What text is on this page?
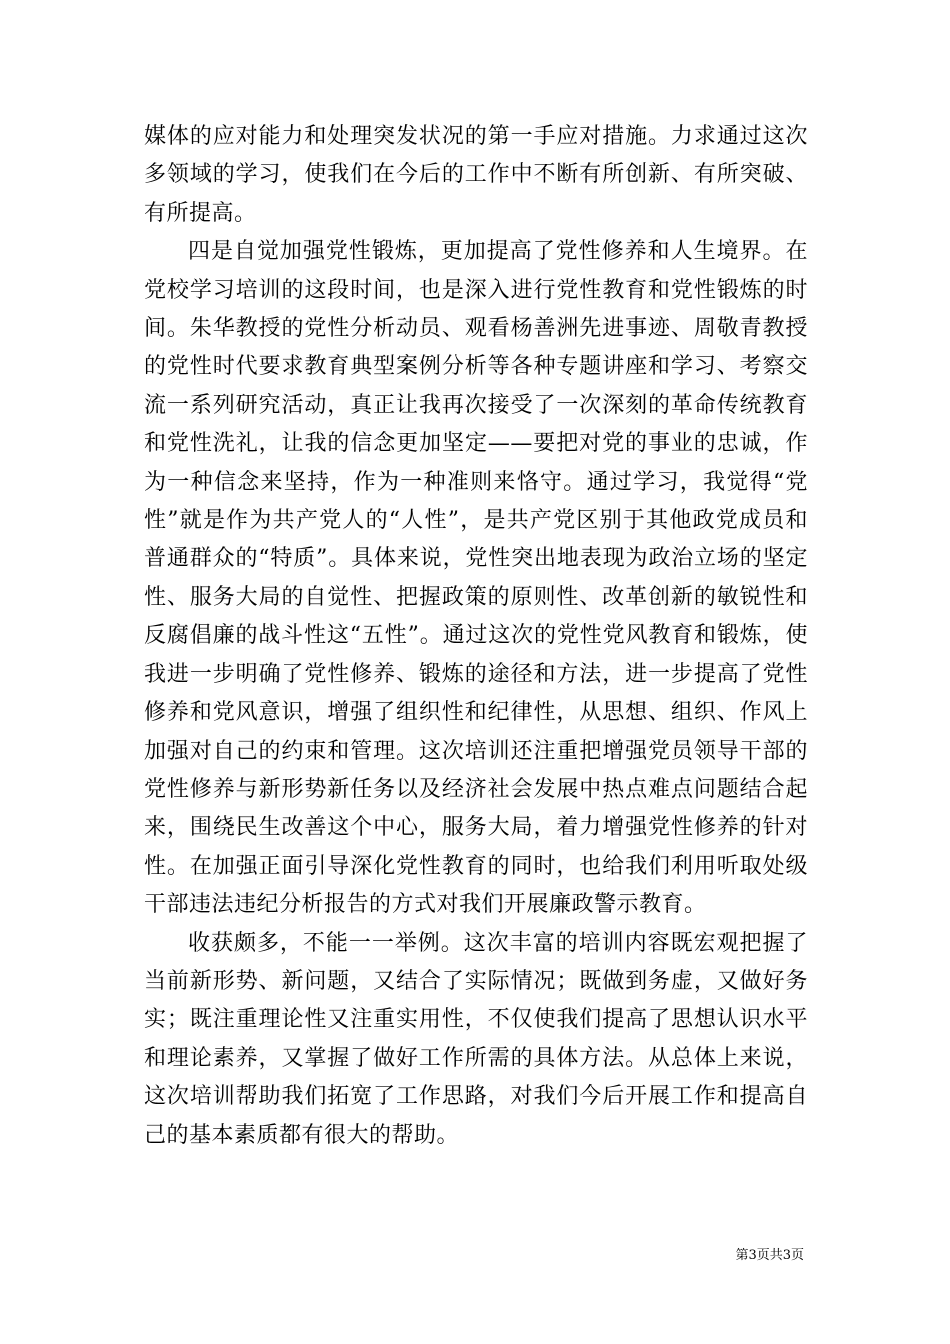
媒体的应对能力和处理突发状况的第一手应对措施。力求通过这次多领域的学习，使我们在今后的工作中不断有所创新、有所突破、有所提高。

四是自觉加强党性锻炼，更加提高了党性修养和人生境界。在党校学习培训的这段时间，也是深入进行党性教育和党性锻炼的时间。朱华教授的党性分析动员、观看杨善洲先进事迹、周敬青教授的党性时代要求教育典型案例分析等各种专题讲座和学习、考察交流一系列研究活动，真正让我再次接受了一次深刻的革命传统教育和党性洗礼，让我的信念更加坚定——要把对党的事业的忠诚，作为一种信念来坚持，作为一种准则来恪守。通过学习，我觉得“党性”就是作为共产党人的“人性”，是共产党区别于其他政党成员和普通群众的“特质”。具体来说，党性突出地表现为政治立场的坚定性、服务大局的自觉性、把握政策的原则性、改革创新的敏锐性和反腐倡廉的战斗性这“五性”。通过这次的党性党风教育和锻炼，使我进一步明确了党性修养、锻炼的途径和方法，进一步提高了党性修养和党风意识，增强了组织性和纪律性，从思想、组织、作风上加强对自己的约束和管理。这次培训还注重把增强党员领导干部的党性修养与新形势新任务以及经济社会发展中热点难点问题结合起来，围绕民生改善这个中心，服务大局，着力增强党性修养的针对性。在加强正面引导深化党性教育的同时，也给我们利用听取处级干部违法违纪分析报告的方式对我们开展廉政警示教育。

收获颇多，不能一一举例。这次丰富的培训内容既宏观把握了当前新形势、新问题，又结合了实际情况；既做到务虚，又做好务实；既注重理论性又注重实用性，不仅使我们提高了思想认识水平和理论素养，又掌握了做好工作所需的具体方法。从总体上来说，这次培训帮助我们拓宽了工作思路，对我们今后开展工作和提高自己的基本素质都有很大的帮助。

第3页共3页
